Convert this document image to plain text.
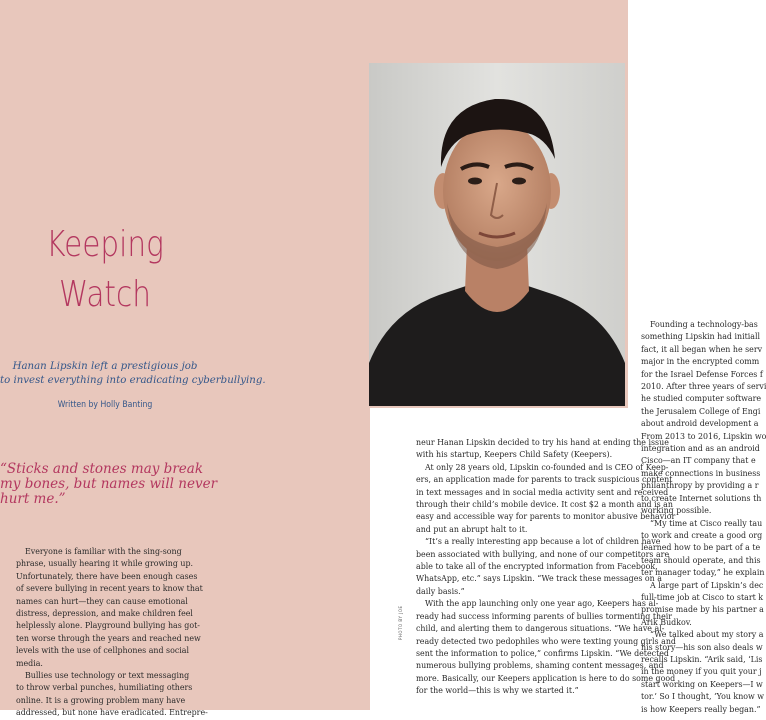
PHOTO BY JOE
Keeping
Watch
Hanan Lipskin left a prestigious job
to invest everything into eradicating cyberbullying.
Written by Holly Banting
“Sticks and stones may break
my bones, but names will never
hurt me.”
Everyone is familiar with the sing-song
phrase, usually hearing it while growing up.
Unfortunately, there have been enough cases
of severe bullying in recent years to know that
names can hurt—they can cause emotional
distress, depression, and make children feel
helplessly alone. Playground bullying has got-
ten worse through the years and reached new
levels with the use of cellphones and social
media.
Bullies use technology or text messaging
to throw verbal punches, humiliating others
online. It is a growing problem many have
addressed, but none have eradicated. Entrepre-
neur Hanan Lipskin decided to try his hand at ending the issue
with his startup, Keepers Child Safety (Keepers).
At only 28 years old, Lipskin co-founded and is CEO of Keep-
ers, an application made for parents to track suspicious content
in text messages and in social media activity sent and received
through their child’s mobile device. It cost $2 a month and is an
easy and accessible way for parents to monitor abusive behavior
and put an abrupt halt to it.
“It’s a really interesting app because a lot of children have
been associated with bullying, and none of our competitors are
able to take all of the encrypted information from Facebook,
WhatsApp, etc.” says Lipskin. “We track these messages on a
daily basis.”
With the app launching only one year ago, Keepers has al-
ready had success informing parents of bullies tormenting their
child, and alerting them to dangerous situations. “We have al-
ready detected two pedophiles who were texting young girls and
sent the information to police,” confirms Lipskin. “We detected
numerous bullying problems, shaming content messages, and
more. Basically, our Keepers application is here to do some good
for the world—this is why we started it.”
Founding a technology-bas
something Lipskin had initiall
fact, it all began when he serv
major in the encrypted comm
for the Israel Defense Forces f
2010. After three years of servi
he studied computer software
the Jerusalem College of Engi
about android development a
From 2013 to 2016, Lipskin wo
integration and as an android
Cisco—an IT company that e
make connections in business
philanthropy by providing a r
to create Internet solutions th
working possible.
“My time at Cisco really tau
to work and create a good org
learned how to be part of a te
team should operate, and this
ter manager today,” he explain
A large part of Lipskin’s dec
full-time job at Cisco to start k
promise made by his partner a
Arik Budkov.
“We talked about my story a
his story—his son also deals w
recalls Lipskin. “Arik said, ‘Lis
in the money if you quit your j
start working on Keepers—I w
tor.’ So I thought, ‘You know w
is how Keepers really began.”
